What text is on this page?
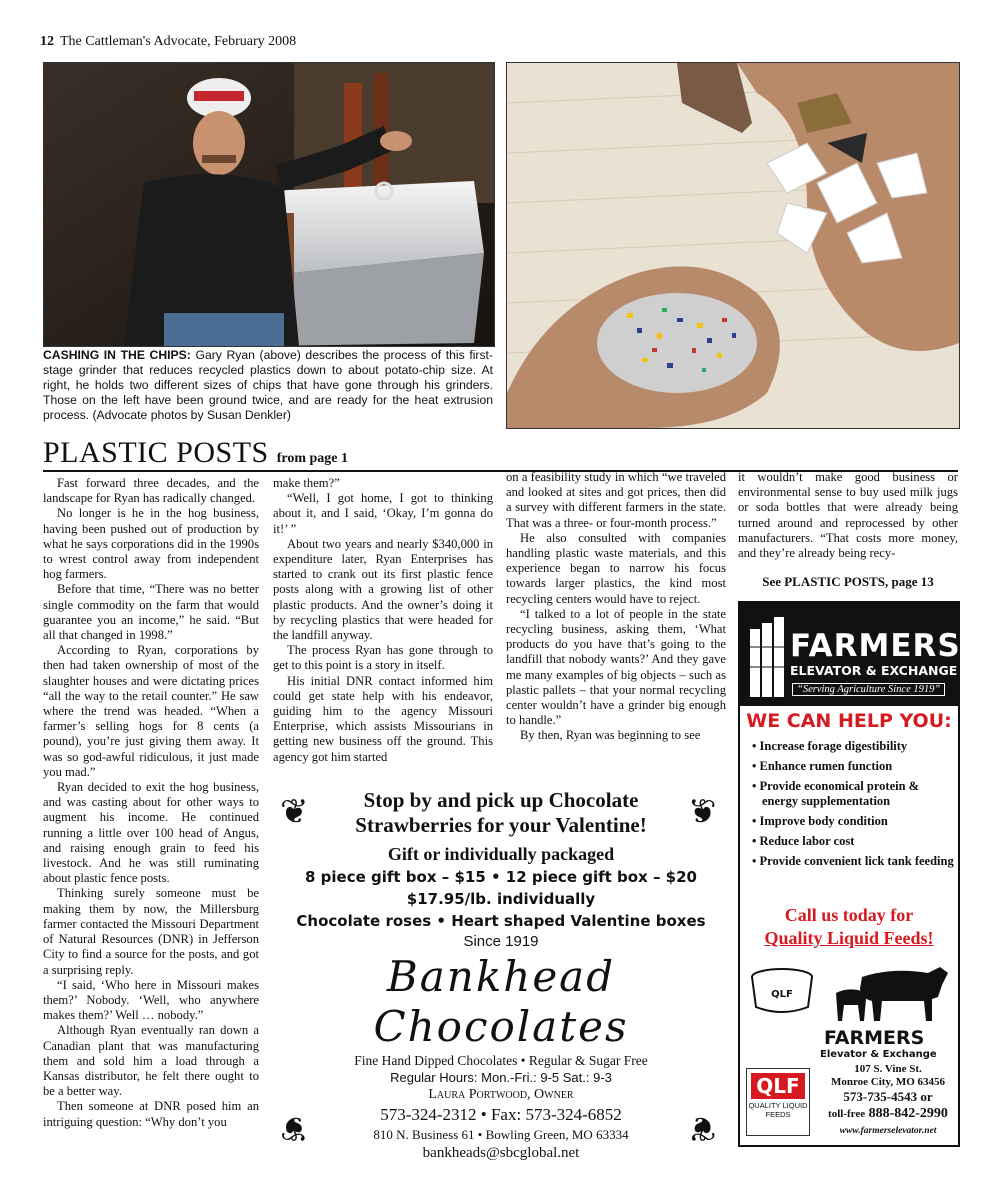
12 The Cattleman's Advocate, February 2008
CASHING IN THE CHIPS: Gary Ryan (above) describes the process of this first-stage grinder that reduces recycled plastics down to about potato-chip size. At right, he holds two different sizes of chips that have gone through his grinders. Those on the left have been ground twice, and are ready for the heat extrusion process. (Advocate photos by Susan Denkler)
PLASTIC POSTS from page 1

Fast forward three decades, and the landscape for Ryan has radically changed.

No longer is he in the hog business, having been pushed out of production by what he says corporations did in the 1990s to wrest control away from independent hog farmers.

Before that time, “There was no better single commodity on the farm that would guarantee you an income,” he said. “But all that changed in 1998.”

According to Ryan, corporations by then had taken ownership of most of the slaughter houses and were dictating prices “all the way to the retail counter.” He saw where the trend was headed. “When a farmer’s selling hogs for 8 cents (a pound), you’re just giving them away. It was so god-awful ridiculous, it just made you mad.”

Ryan decided to exit the hog business, and was casting about for other ways to augment his income. He continued running a little over 100 head of Angus, and raising enough grain to feed his livestock. And he was still ruminating about plastic fence posts.

Thinking surely someone must be making them by now, the Millersburg farmer contacted the Missouri Department of Natural Resources (DNR) in Jefferson City to find a source for the posts, and got a surprising reply.

“I said, ‘Who here in Missouri makes them?’ Nobody. ‘Well, who anywhere makes them?’ Well … nobody.”

Although Ryan eventually ran down a Canadian plant that was manufacturing them and sold him a load through a Kansas distributor, he felt there ought to be a better way.

Then someone at DNR posed him an intriguing question: “Why don’t you

make them?”

“Well, I got home, I got to thinking about it, and I said, ‘Okay, I’m gonna do it!’ ”

About two years and nearly $340,000 in expenditure later, Ryan Enterprises has started to crank out its first plastic fence posts along with a growing list of other plastic products. And the owner’s doing it by recycling plastics that were headed for the landfill anyway.

The process Ryan has gone through to get to this point is a story in itself.

His initial DNR contact informed him could get state help with his endeavor, guiding him to the agency Missouri Enterprise, which assists Missourians in getting new business off the ground. This agency got him started

on a feasibility study in which “we traveled and looked at sites and got prices, then did a survey with different farmers in the state. That was a three- or four-month process.”

He also consulted with companies handling plastic waste materials, and this experience began to narrow his focus towards larger plastics, the kind most recycling centers would have to reject.

“I talked to a lot of people in the state recycling business, asking them, ‘What products do you have that’s going to the landfill that nobody wants?’ And they gave me many examples of big objects – such as plastic pallets – that your normal recycling center wouldn’t have a grinder big enough to handle.”

By then, Ryan was beginning to see

it wouldn’t make good business or environmental sense to buy used milk jugs or soda bottles that were already being turned around and reprocessed by other manufacturers. “That costs more money, and they’re already being recy-

See PLASTIC POSTS, page 13
❦	❦
❦	❦
Stop by and pick up Chocolate
Strawberries for your Valentine!
Gift or individually packaged
8 piece gift box – $15 • 12 piece gift box – $20
$17.95/lb. individually
Chocolate roses • Heart shaped Valentine boxes
Since 1919
Bankhead Chocolates
Fine Hand Dipped Chocolates • Regular & Sugar Free
Regular Hours: Mon.-Fri.: 9-5 Sat.: 9-3
Laura Portwood, Owner
573-324-2312 • Fax: 573-324-6852
810 N. Business 61 • Bowling Green, MO 63334
bankheads@sbcglobal.net
FARMERS
ELEVATOR & EXCHANGE
“Serving Agriculture Since 1919”
WE CAN HELP YOU:
• Increase forage digestibility
• Enhance rumen function
• Provide economical protein & energy supplementation
• Improve body condition
• Reduce labor cost
• Provide convenient lick tank feeding
Call us today for
Quality Liquid Feeds!
QLF
FARMERS
Elevator & Exchange
107 S. Vine St.
Monroe City, MO 63456
573-735-4543 or
toll-free 888-842-2990
www.farmerselevator.net
QLF
QUALITY LIQUID FEEDS
